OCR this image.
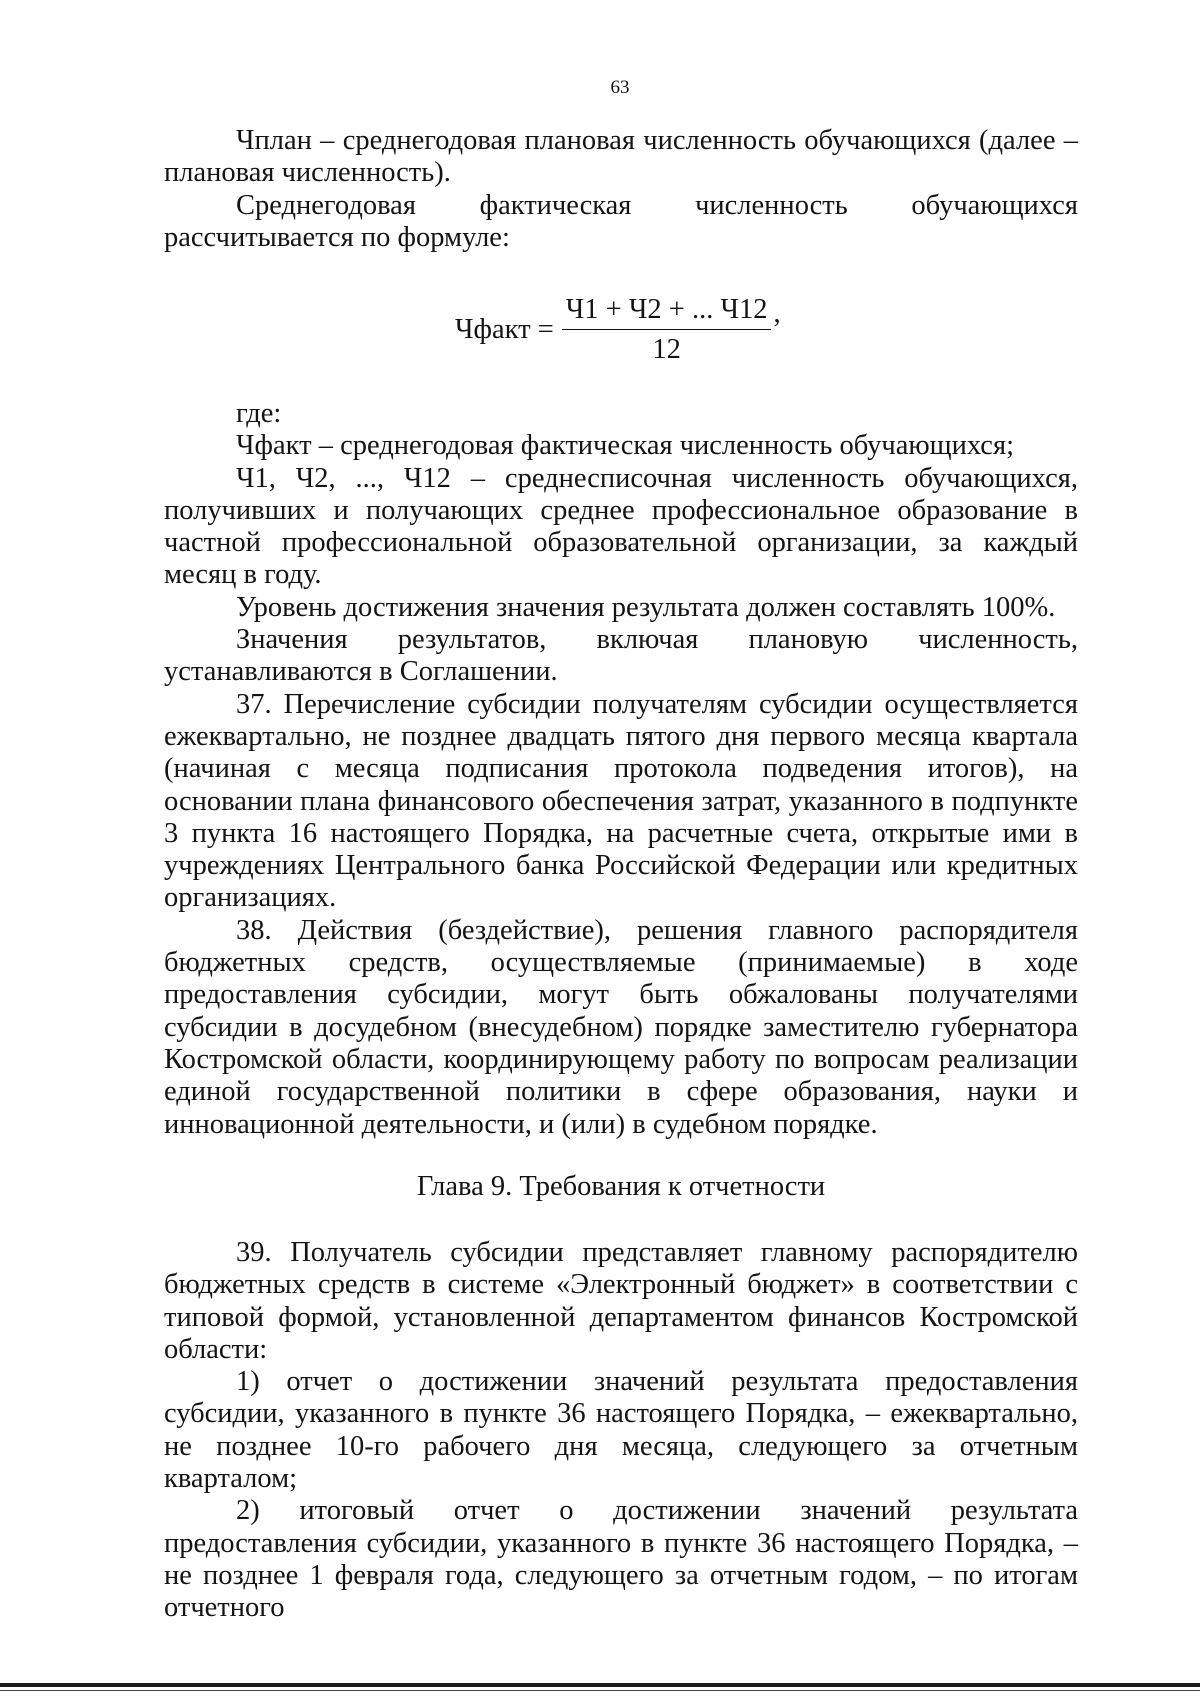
63

Чплан – среднегодовая плановая численность обучающихся (далее – плановая численность).

Среднегодовая фактическая численность обучающихся рассчитывается по формуле:

Чфакт = $\frac{Ч1 + Ч2 + ... Ч12}{12}$ ,

где:

Чфакт – среднегодовая фактическая численность обучающихся;

Ч1, Ч2, ..., Ч12 – среднесписочная численность обучающихся, получивших и получающих среднее профессиональное образование в частной профессиональной образовательной организации, за каждый месяц в году.

Уровень достижения значения результата должен составлять 100%.

Значения результатов, включая плановую численность, устанавливаются в Соглашении.

37. Перечисление субсидии получателям субсидии осуществляется ежеквартально, не позднее двадцать пятого дня первого месяца квартала (начиная с месяца подписания протокола подведения итогов), на основании плана финансового обеспечения затрат, указанного в подпункте 3 пункта 16 настоящего Порядка, на расчетные счета, открытые ими в учреждениях Центрального банка Российской Федерации или кредитных организациях.

38. Действия (бездействие), решения главного распорядителя бюджетных средств, осуществляемые (принимаемые) в ходе предоставления субсидии, могут быть обжалованы получателями субсидии в досудебном (внесудебном) порядке заместителю губернатора Костромской области, координирующему работу по вопросам реализации единой государственной политики в сфере образования, науки и инновационной деятельности, и (или) в судебном порядке.

Глава 9. Требования к отчетности

39. Получатель субсидии представляет главному распорядителю бюджетных средств в системе «Электронный бюджет» в соответствии с типовой формой, установленной департаментом финансов Костромской области:

1) отчет о достижении значений результата предоставления субсидии, указанного в пункте 36 настоящего Порядка, – ежеквартально, не позднее 10-го рабочего дня месяца, следующего за отчетным кварталом;

2) итоговый отчет о достижении значений результата предоставления субсидии, указанного в пункте 36 настоящего Порядка, – не позднее 1 февраля года, следующего за отчетным годом, – по итогам отчетного
